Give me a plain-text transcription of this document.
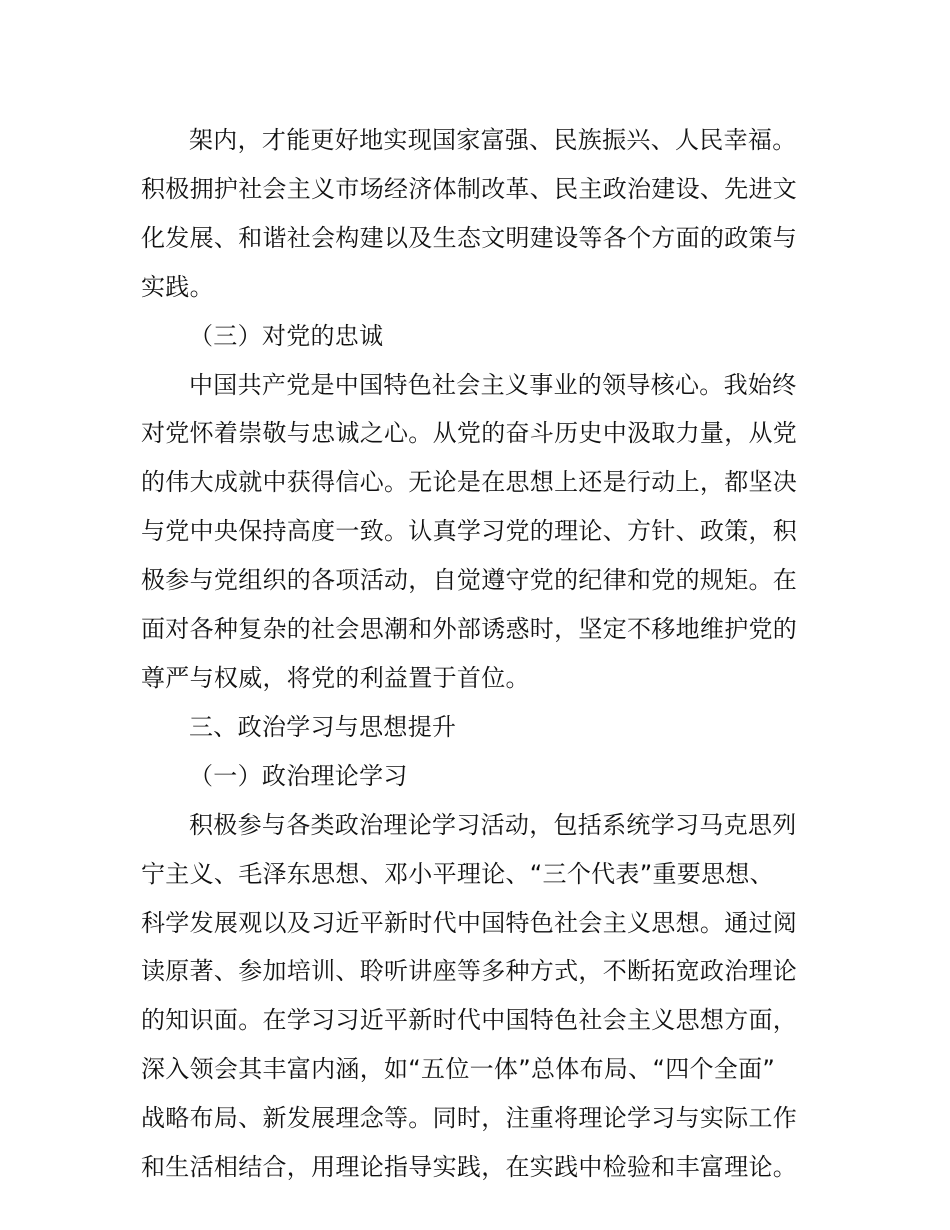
架内，才能更好地实现国家富强、民族振兴、人民幸福。
积极拥护社会主义市场经济体制改革、民主政治建设、先进文
化发展、和谐社会构建以及生态文明建设等各个方面的政策与
实践。
（三）对党的忠诚
中国共产党是中国特色社会主义事业的领导核心。我始终
对党怀着崇敬与忠诚之心。从党的奋斗历史中汲取力量，从党
的伟大成就中获得信心。无论是在思想上还是行动上，都坚决
与党中央保持高度一致。认真学习党的理论、方针、政策，积
极参与党组织的各项活动，自觉遵守党的纪律和党的规矩。在
面对各种复杂的社会思潮和外部诱惑时，坚定不移地维护党的
尊严与权威，将党的利益置于首位。
三、政治学习与思想提升
（一）政治理论学习
积极参与各类政治理论学习活动，包括系统学习马克思列
宁主义、毛泽东思想、邓小平理论、“三个代表”重要思想、
科学发展观以及习近平新时代中国特色社会主义思想。通过阅
读原著、参加培训、聆听讲座等多种方式，不断拓宽政治理论
的知识面。在学习习近平新时代中国特色社会主义思想方面，
深入领会其丰富内涵，如“五位一体”总体布局、“四个全面”
战略布局、新发展理念等。同时，注重将理论学习与实际工作
和生活相结合，用理论指导实践，在实践中检验和丰富理论。
